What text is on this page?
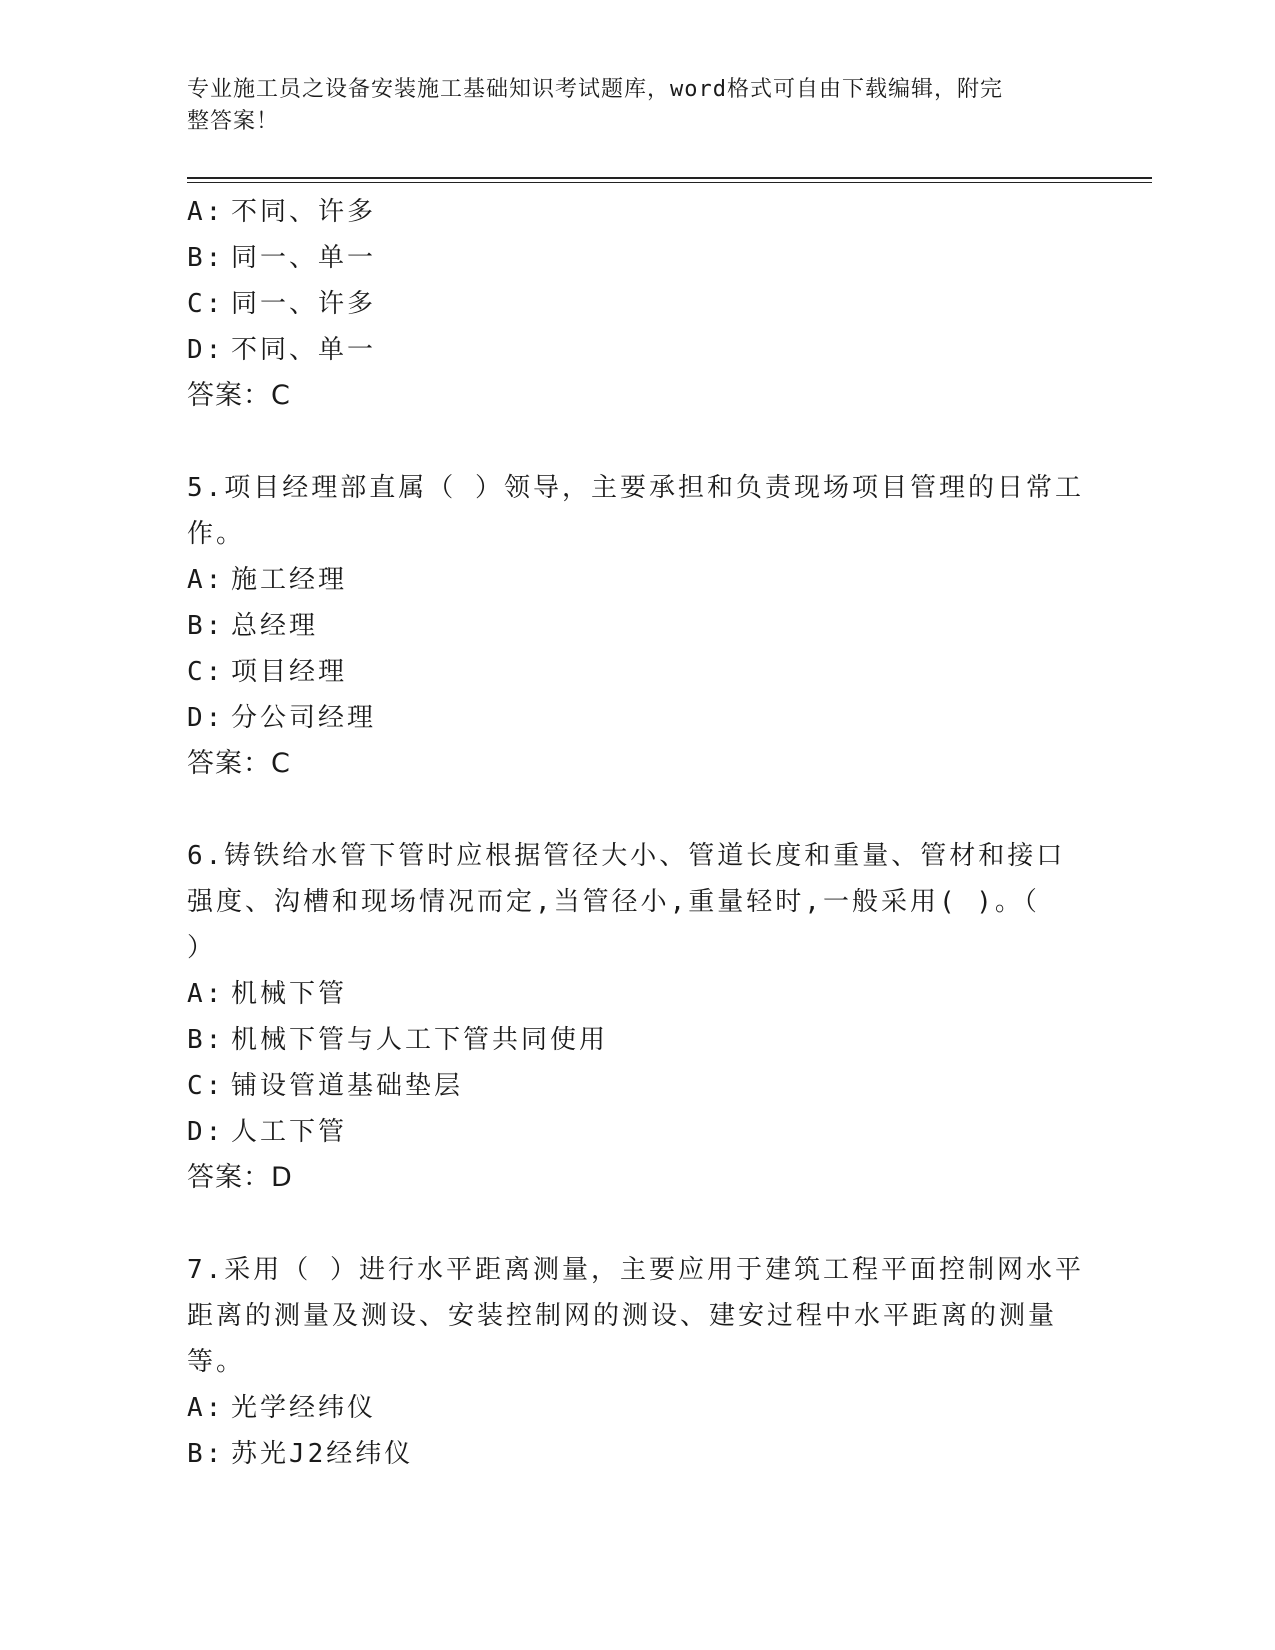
专业施工员之设备安装施工基础知识考试题库，word格式可自由下载编辑，附完
整答案！
A: 不同、许多
B: 同一、单一
C: 同一、许多
D: 不同、单一
答案：C
5.项目经理部直属（ ）领导，主要承担和负责现场项目管理的日常工
作。
A: 施工经理
B: 总经理
C: 项目经理
D: 分公司经理
答案：C
6.铸铁给水管下管时应根据管径大小、管道长度和重量、管材和接口
强度、沟槽和现场情况而定,当管径小,重量轻时,一般采用( )。（
）
A: 机械下管
B: 机械下管与人工下管共同使用
C: 铺设管道基础垫层
D: 人工下管
答案：D
7.采用（ ）进行水平距离测量，主要应用于建筑工程平面控制网水平
距离的测量及测设、安装控制网的测设、建安过程中水平距离的测量
等。
A: 光学经纬仪
B: 苏光J2经纬仪
